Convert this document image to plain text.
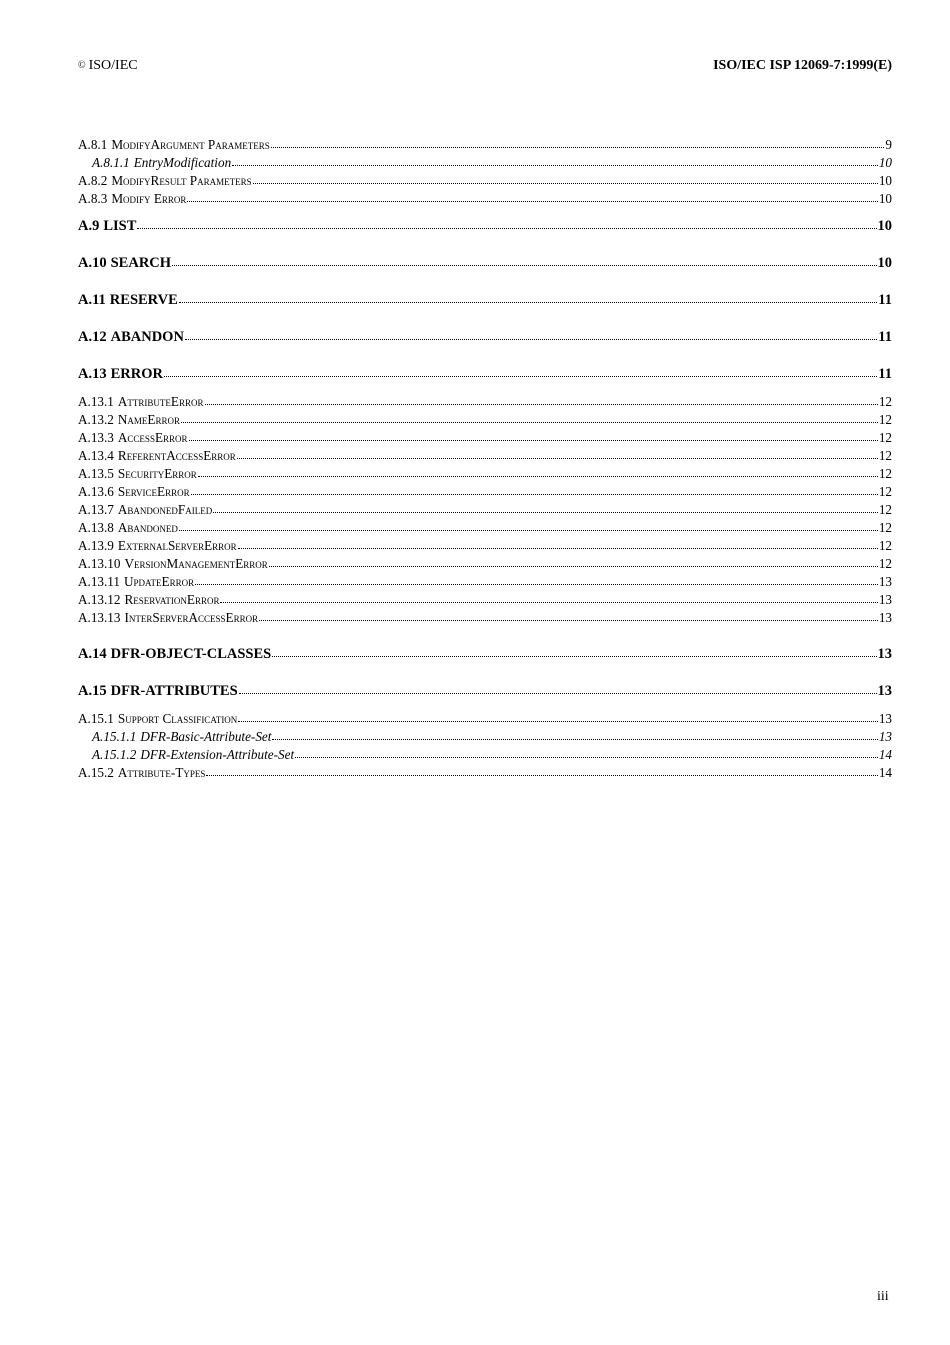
© ISO/IEC	ISO/IEC ISP 12069-7:1999(E)
A.8.1 ModifyArgument Parameters	9
A.8.1.1 EntryModification	10
A.8.2 ModifyResult Parameters	10
A.8.3 Modify Error	10
A.9 LIST	10
A.10 SEARCH	10
A.11 RESERVE	11
A.12 ABANDON	11
A.13 ERROR	11
A.13.1 AttributeError	12
A.13.2 NameError	12
A.13.3 AccessError	12
A.13.4 ReferentAccessError	12
A.13.5 SecurityError	12
A.13.6 ServiceError	12
A.13.7 AbandonedFailed	12
A.13.8 Abandoned	12
A.13.9 ExternalServerError	12
A.13.10 VersionManagementError	12
A.13.11 UpdateError	13
A.13.12 ReservationError	13
A.13.13 InterServerAccessError	13
A.14 DFR-OBJECT-CLASSES	13
A.15 DFR-ATTRIBUTES	13
A.15.1 Support Classification	13
A.15.1.1 DFR-Basic-Attribute-Set	13
A.15.1.2 DFR-Extension-Attribute-Set	14
A.15.2 Attribute-Types	14
iii
